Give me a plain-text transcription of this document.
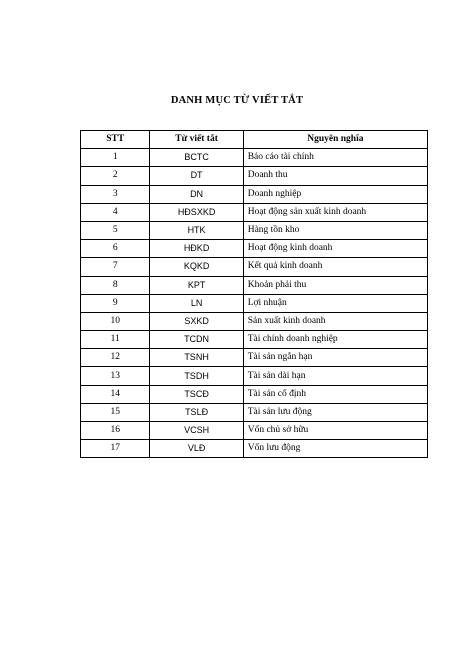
DANH MỤC TỪ VIẾT TẮT
STT	Từ viết tắt	Nguyên nghĩa
1	BCTC	Báo cáo tài chính
2	DT	Doanh thu
3	DN	Doanh nghiệp
4	HĐSXKD	Hoạt động sản xuất kinh doanh
5	HTK	Hàng tồn kho
6	HĐKD	Hoạt động kinh doanh
7	KQKD	Kết quả kinh doanh
8	KPT	Khoản phải thu
9	LN	Lợi nhuận
10	SXKD	Sản xuất kinh doanh
11	TCDN	Tài chính doanh nghiệp
12	TSNH	Tài sản ngắn hạn
13	TSDH	Tài sản dài hạn
14	TSCĐ	Tài sản cố định
15	TSLĐ	Tài sản lưu động
16	VCSH	Vốn chủ sở hữu
17	VLĐ	Vốn lưu động
